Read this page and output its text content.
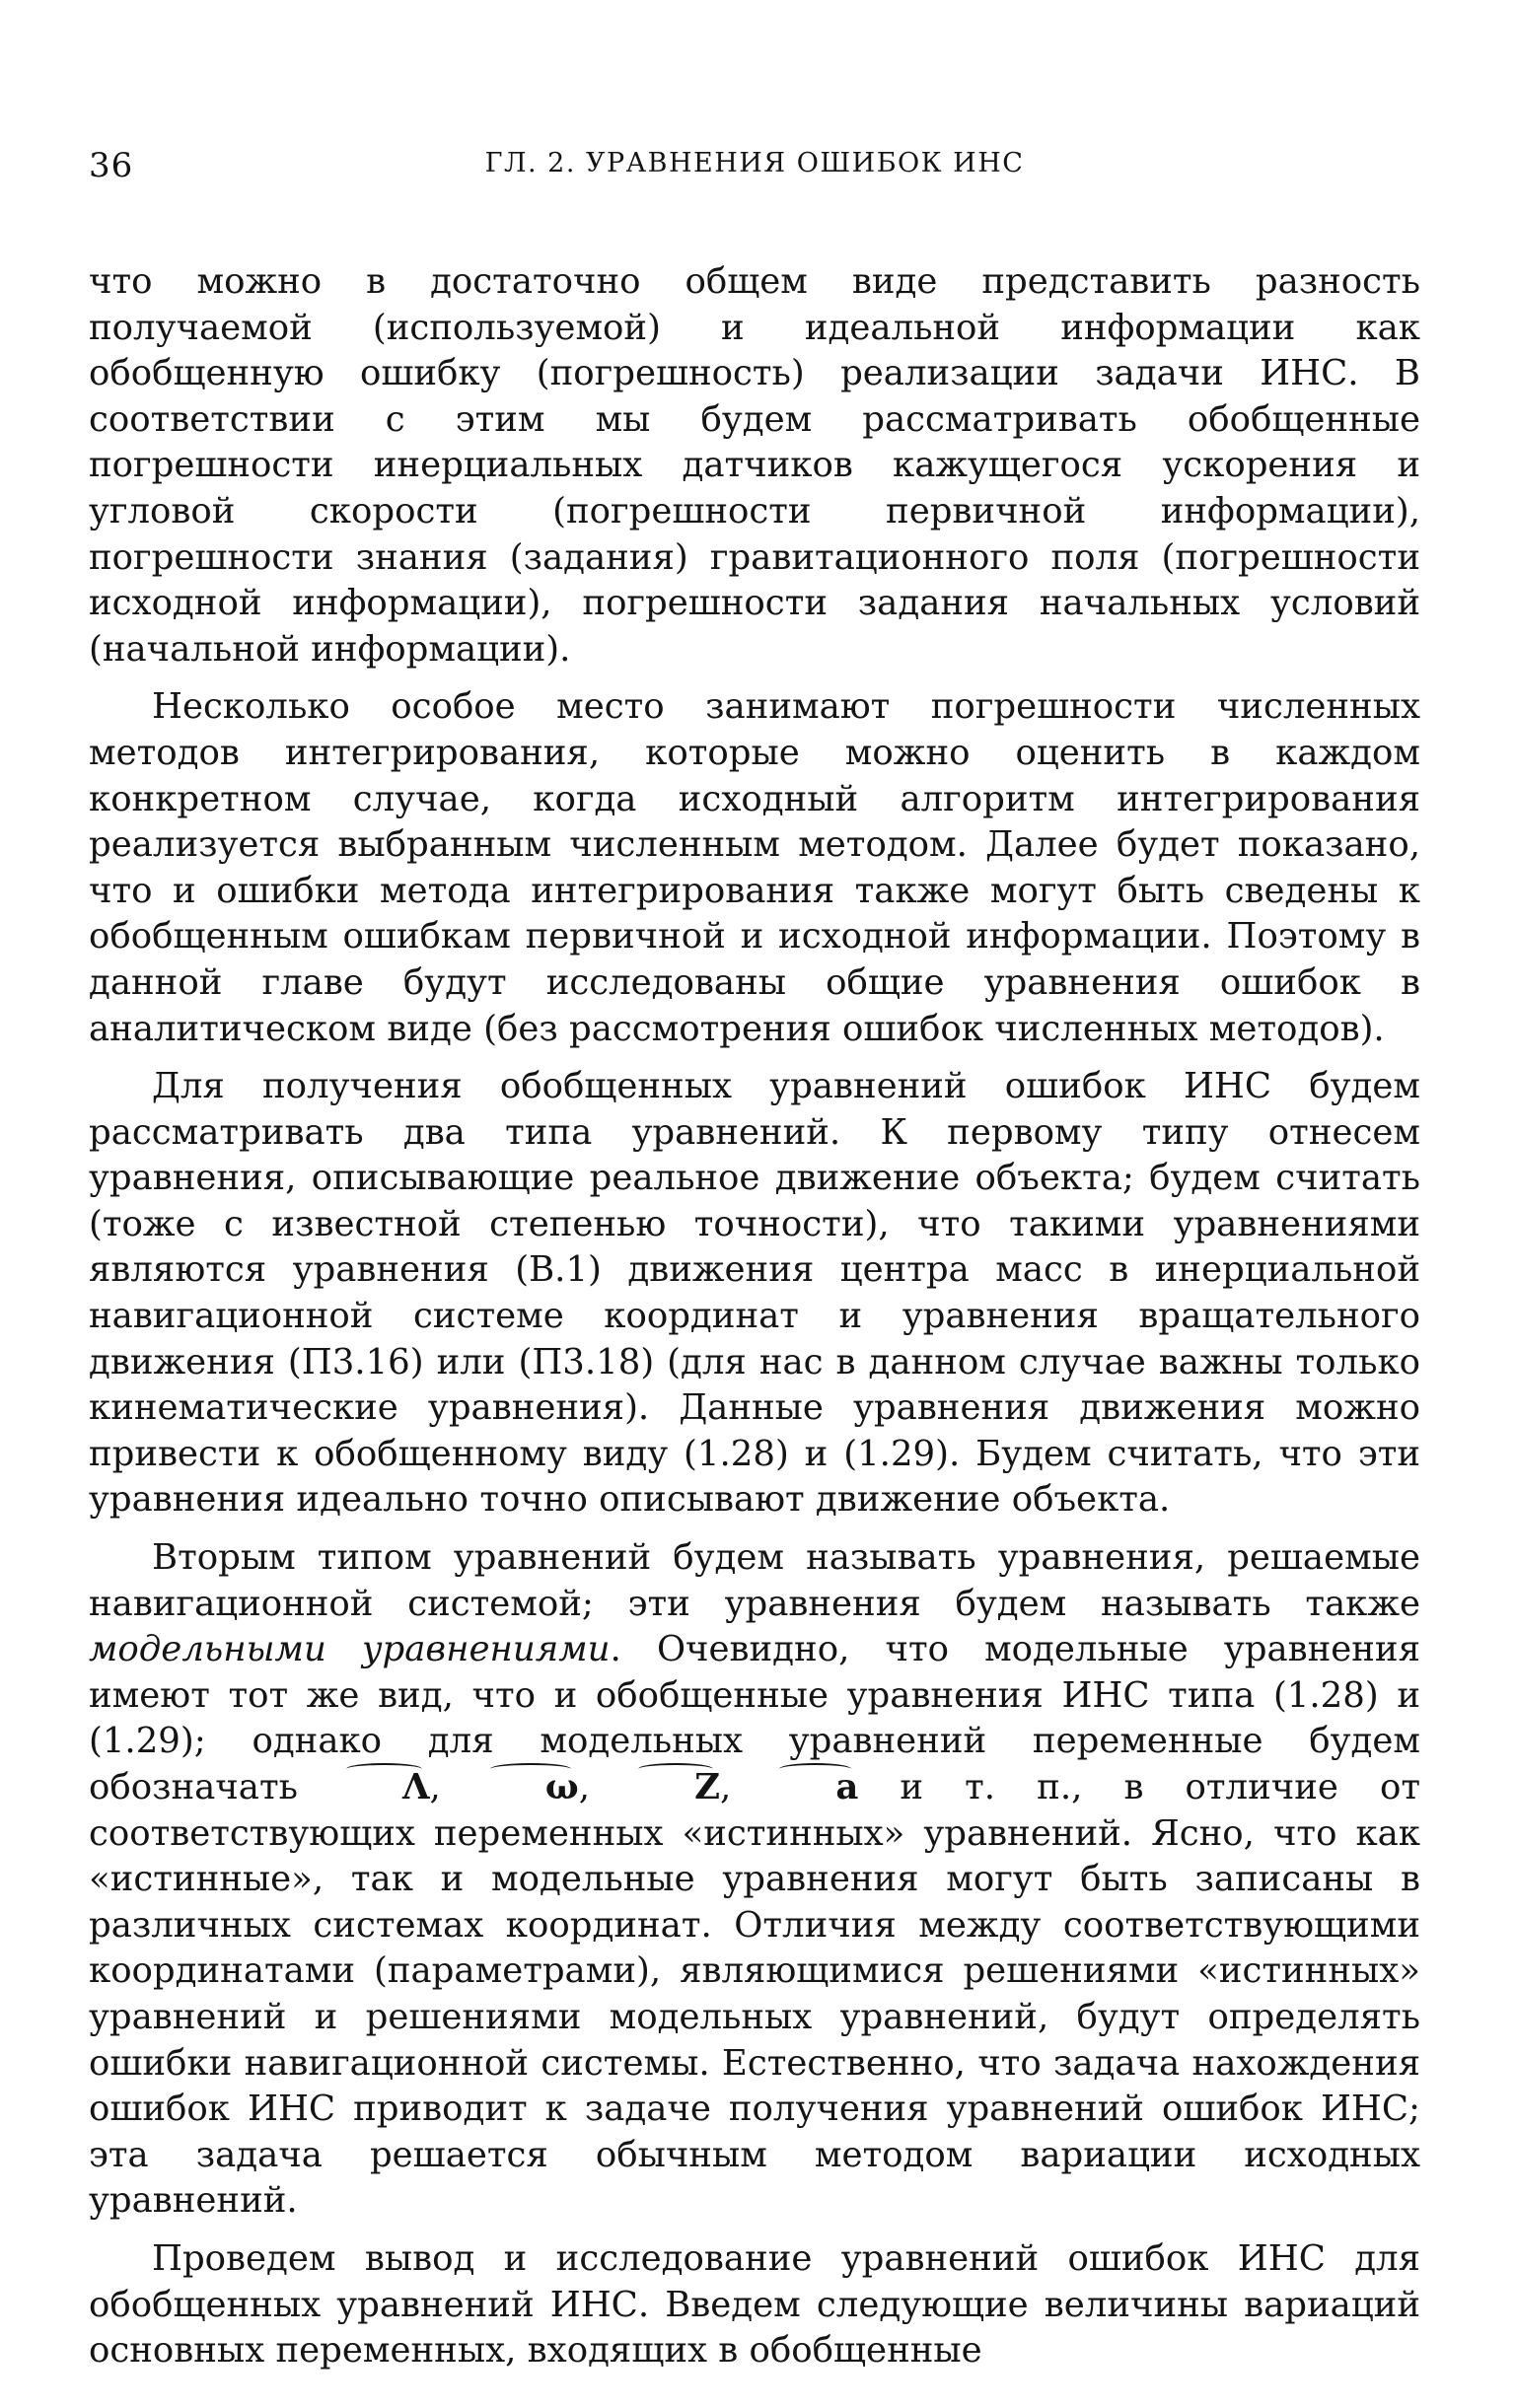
36	ГЛ. 2. УРАВНЕНИЯ ОШИБОК ИНС

что можно в достаточно общем виде представить разность получаемой (используемой) и идеальной информации как обобщенную ошибку (погрешность) реализации задачи ИНС. В соответствии с этим мы будем рассматривать обобщенные погрешности инерциальных датчиков кажущегося ускорения и угловой скорости (погрешности первичной информации), погрешности знания (задания) гравитационного поля (погрешности исходной информации), погрешности задания начальных условий (начальной информации).

Несколько особое место занимают погрешности численных методов интегрирования, которые можно оценить в каждом конкретном случае, когда исходный алгоритм интегрирования реализуется выбранным численным методом. Далее будет показано, что и ошибки метода интегрирования также могут быть сведены к обобщенным ошибкам первичной и исходной информации. Поэтому в данной главе будут исследованы общие уравнения ошибок в аналитическом виде (без рассмотрения ошибок численных методов).

Для получения обобщенных уравнений ошибок ИНС будем рассматривать два типа уравнений. К первому типу отнесем уравнения, описывающие реальное движение объекта; будем считать (тоже с известной степенью точности), что такими уравнениями являются уравнения (В.1) движения центра масс в инерциальной навигационной системе координат и уравнения вращательного движения (П3.16) или (П3.18) (для нас в данном случае важны только кинематические уравнения). Данные уравнения движения можно привести к обобщенному виду (1.28) и (1.29). Будем считать, что эти уравнения идеально точно описывают движение объекта.

Вторым типом уравнений будем называть уравнения, решаемые навигационной системой; эти уравнения будем называть также модельными уравнениями. Очевидно, что модельные уравнения имеют тот же вид, что и обобщенные уравнения ИНС типа (1.28) и (1.29); однако для модельных уравнений переменные будем обозначать Λ, ω, Z, a и т. п., в отличие от соответствующих переменных «истинных» уравнений. Ясно, что как «истинные», так и модельные уравнения могут быть записаны в различных системах координат. Отличия между соответствующими координатами (параметрами), являющимися решениями «истинных» уравнений и решениями модельных уравнений, будут определять ошибки навигационной системы. Естественно, что задача нахождения ошибок ИНС приводит к задаче получения уравнений ошибок ИНС; эта задача решается обычным методом вариации исходных уравнений.

Проведем вывод и исследование уравнений ошибок ИНС для обобщенных уравнений ИНС. Введем следующие величины вариаций основных переменных, входящих в обобщенные
